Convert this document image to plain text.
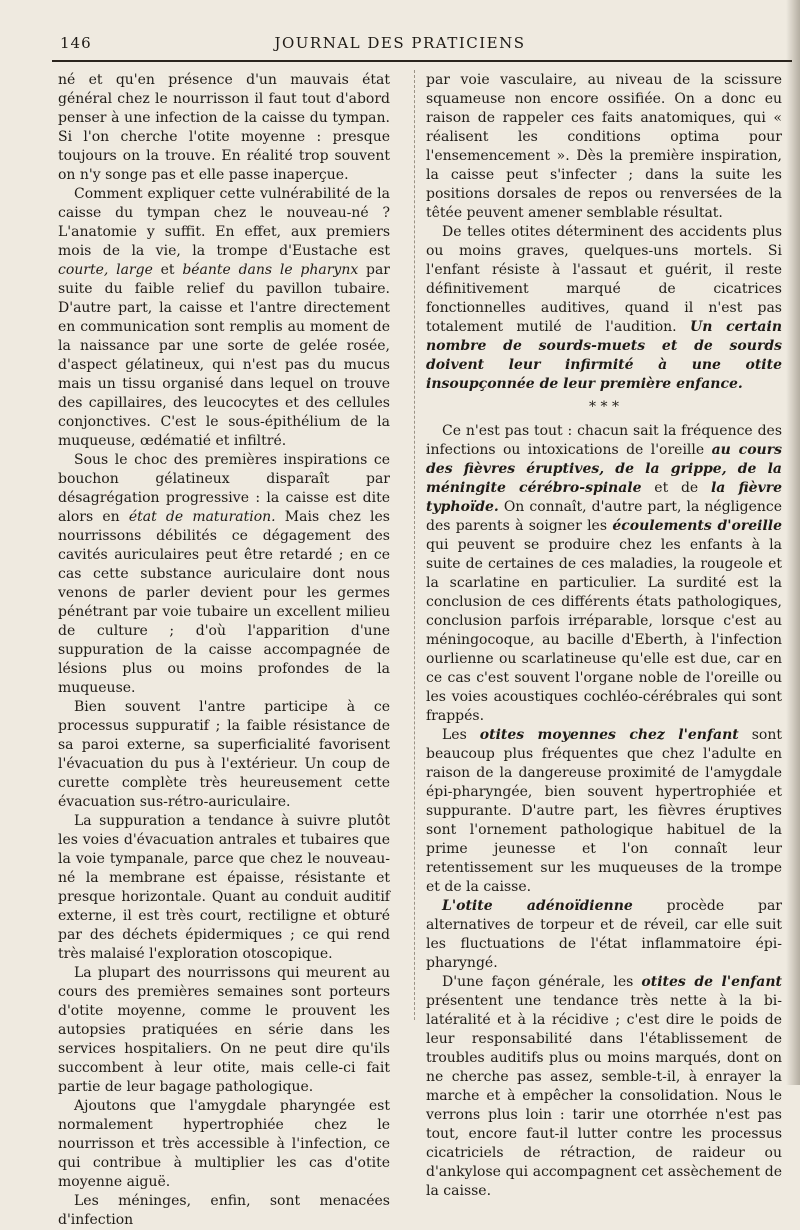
146	JOURNAL DES PRATICIENS

né et qu'en présence d'un mauvais état général chez le nourrisson il faut tout d'abord penser à une infection de la caisse du tympan. Si l'on cherche l'otite moyenne : presque toujours on la trouve. En réalité trop souvent on n'y songe pas et elle passe inaperçue.

Comment expliquer cette vulnérabilité de la caisse du tympan chez le nouveau-né ? L'anatomie y suffit. En effet, aux premiers mois de la vie, la trompe d'Eustache est courte, large et béante dans le pharynx par suite du faible relief du pavillon tubaire. D'autre part, la caisse et l'antre directement en communication sont remplis au moment de la naissance par une sorte de gelée rosée, d'aspect gélatineux, qui n'est pas du mucus mais un tissu organisé dans lequel on trouve des capillaires, des leucocytes et des cellules conjonctives. C'est le sous-épithélium de la muqueuse, œdématié et infiltré.

Sous le choc des premières inspirations ce bouchon gélatineux disparaît par désagrégation progressive : la caisse est dite alors en état de maturation. Mais chez les nourrissons débilités ce dégagement des cavités auriculaires peut être retardé ; en ce cas cette substance auriculaire dont nous venons de parler devient pour les germes pénétrant par voie tubaire un excellent milieu de culture ; d'où l'apparition d'une suppuration de la caisse accompagnée de lésions plus ou moins profondes de la muqueuse.

Bien souvent l'antre participe à ce processus suppuratif ; la faible résistance de sa paroi externe, sa superficialité favorisent l'évacuation du pus à l'extérieur. Un coup de curette complète très heureusement cette évacuation sus-rétro-auriculaire.

La suppuration a tendance à suivre plutôt les voies d'évacuation antrales et tubaires que la voie tympanale, parce que chez le nouveau-né la membrane est épaisse, résistante et presque horizontale. Quant au conduit auditif externe, il est très court, rectiligne et obturé par des déchets épidermiques ; ce qui rend très malaisé l'exploration otoscopique.

La plupart des nourrissons qui meurent au cours des premières semaines sont porteurs d'otite moyenne, comme le prouvent les autopsies pratiquées en série dans les services hospitaliers. On ne peut dire qu'ils succombent à leur otite, mais celle-ci fait partie de leur bagage pathologique.

Ajoutons que l'amygdale pharyngée est normalement hypertrophiée chez le nourrisson et très accessible à l'infection, ce qui contribue à multiplier les cas d'otite moyenne aiguë.

Les méninges, enfin, sont menacées d'infection

par voie vasculaire, au niveau de la scissure squameuse non encore ossifiée. On a donc eu raison de rappeler ces faits anatomiques, qui « réalisent les conditions optima pour l'ensemencement ». Dès la première inspiration, la caisse peut s'infecter ; dans la suite les positions dorsales de repos ou renversées de la têtée peuvent amener semblable résultat.

De telles otites déterminent des accidents plus ou moins graves, quelques-uns mortels. Si l'enfant résiste à l'assaut et guérit, il reste définitivement marqué de cicatrices fonctionnelles auditives, quand il n'est pas totalement mutilé de l'audition. Un certain nombre de sourds-muets et de sourds doivent leur infirmité à une otite insoupçonnée de leur première enfance.

* * *

Ce n'est pas tout : chacun sait la fréquence des infections ou intoxications de l'oreille au cours des fièvres éruptives, de la grippe, de la méningite cérébro-spinale et de la fièvre typhoïde. On connaît, d'autre part, la négligence des parents à soigner les écoulements d'oreille qui peuvent se produire chez les enfants à la suite de certaines de ces maladies, la rougeole et la scarlatine en particulier. La surdité est la conclusion de ces différents états pathologiques, conclusion parfois irréparable, lorsque c'est au méningocoque, au bacille d'Eberth, à l'infection ourlienne ou scarlatineuse qu'elle est due, car en ce cas c'est souvent l'organe noble de l'oreille ou les voies acoustiques cochléo-cérébrales qui sont frappés.

Les otites moyennes chez l'enfant sont beaucoup plus fréquentes que chez l'adulte en raison de la dangereuse proximité de l'amygdale épi-pharyngée, bien souvent hypertrophiée et suppurante. D'autre part, les fièvres éruptives sont l'ornement pathologique habituel de la prime jeunesse et l'on connaît leur retentissement sur les muqueuses de la trompe et de la caisse.

L'otite adénoïdienne procède par alternatives de torpeur et de réveil, car elle suit les fluctuations de l'état inflammatoire épi-pharyngé.

D'une façon générale, les otites de l'enfant présentent une tendance très nette à la bi-latéralité et à la récidive ; c'est dire le poids de leur responsabilité dans l'établissement de troubles auditifs plus ou moins marqués, dont on ne cherche pas assez, semble-t-il, à enrayer la marche et à empêcher la consolidation. Nous le verrons plus loin : tarir une otorrhée n'est pas tout, encore faut-il lutter contre les processus cicatriciels de rétraction, de raideur ou d'ankylose qui accompagnent cet assèchement de la caisse.
